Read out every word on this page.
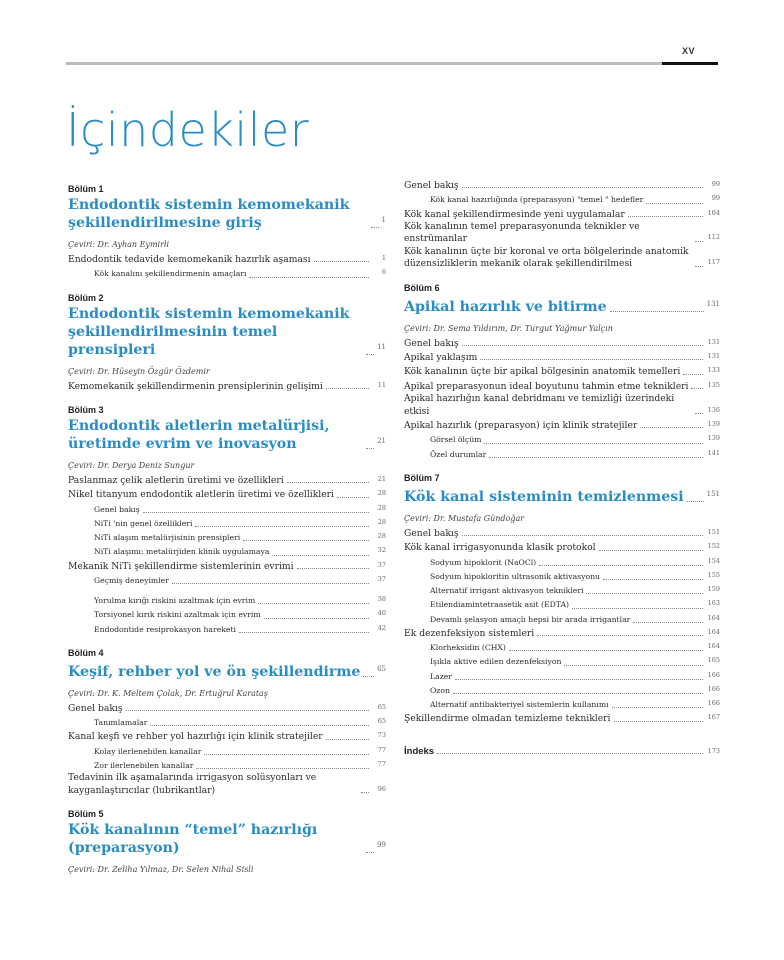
XV
İçindekiler
Bölüm 1
Endodontik sistemin kemomekanik şekillendirilmesine giriş	1
Çeviri: Dr. Ayhan Eymirli
Endodontik tedavide kemomekanik hazırlık aşaması	1
Kök kanalını şekillendirmenin amaçları	6
Bölüm 2
Endodontik sistemin kemomekanik şekillendirilmesinin temel prensipleri	11
Çeviri: Dr. Hüseyin Özgür Özdemir
Kemomekanik şekillendirmenin prensiplerinin gelişimi	11
Bölüm 3
Endodontik aletlerin metalürjisi, üretimde evrim ve inovasyon	21
Çeviri: Dr. Derya Deniz Sungur
Paslanmaz çelik aletlerin üretimi ve özellikleri	21
Nikel titanyum endodontik aletlerin üretimi ve özellikleri	28
Genel bakış	28
NiTi 'nin genel özellikleri	28
NiTi alaşım metalürjisinin prensipleri	28
NiTi alaşımı: metalürjiden klinik uygulamaya	32
Mekanik NiTi şekillendirme sistemlerinin evrimi	37
Geçmiş deneyimler	37
Yorulma kırığı riskini azaltmak için evrim	38
Torsiyonel kırık riskini azaltmak için evrim	40
Endodontide resiprokasyon hareketi	42
Bölüm 4
Keşif, rehber yol ve ön şekillendirme 65
Çeviri: Dr. K. Meltem Çolak, Dr. Ertuğrul Karataş
Genel bakış	65
Tanımlamalar	65
Kanal keşfi ve rehber yol hazırlığı için klinik stratejiler	73
Kolay ilerlenebilen kanallar	77
Zor ilerlenebilen kanallar	77
Tedavinin ilk aşamalarında irrigasyon solüsyonları ve kayganlaştırıcılar (lubrikantlar)	96
Bölüm 5
Kök kanalının “temel” hazırlığı (preparasyon)	99
Çeviri: Dr. Zeliha Yılmaz, Dr. Selen Nihal Sisli
Genel bakış	99
Kök kanal hazırlığında (preparasyon) "temel " hedefler	99
Kök kanal şekillendirmesinde yeni uygulamalar	104
Kök kanalının temel preparasyonunda teknikler ve enstrümanlar	112
Kök kanalının üçte bir koronal ve orta bölgelerinde anatomik düzensizliklerin mekanik olarak şekillendirilmesi	117
Bölüm 6
Apikal hazırlık ve bitirme	131
Çeviri: Dr. Sema Yıldırım, Dr. Turgut Yağmur Yalçın
Genel bakış	131
Apikal yaklaşım	131
Kök kanalının üçte bir apikal bölgesinin anatomik temelleri	133
Apikal preparasyonun ideal boyutunu tahmin etme teknikleri	135
Apikal hazırlığın kanal debridmanı ve temizliği üzerindeki etkisi	136
Apikal hazırlık (preparasyon) için klinik stratejiler	139
Görsel ölçüm	139
Özel durumlar	141
Bölüm 7
Kök kanal sisteminin temizlenmesi	151
Çeviri: Dr. Mustafa Gündoğar
Genel bakış	151
Kök kanal irrigasyonunda klasik protokol	152
Sodyum hipoklorit (NaOCl)	154
Sodyum hipokloritin ultrasonik aktivasyonu	155
Alternatif irrigant aktivasyon teknikleri	159
Etilendiamintetraasetik asit (EDTA)	163
Devamlı şelasyon amaçlı hepsi bir arada irrigantlar	164
Ek dezenfeksiyon sistemleri	164
Klorheksidin (CHX)	164
Işıkla aktive edilen dezenfeksiyon	165
Lazer	166
Ozon	166
Alternatif antibakteriyel sistemlerin kullanımı	166
Şekillendirme olmadan temizleme teknikleri	167
İndeks	173
